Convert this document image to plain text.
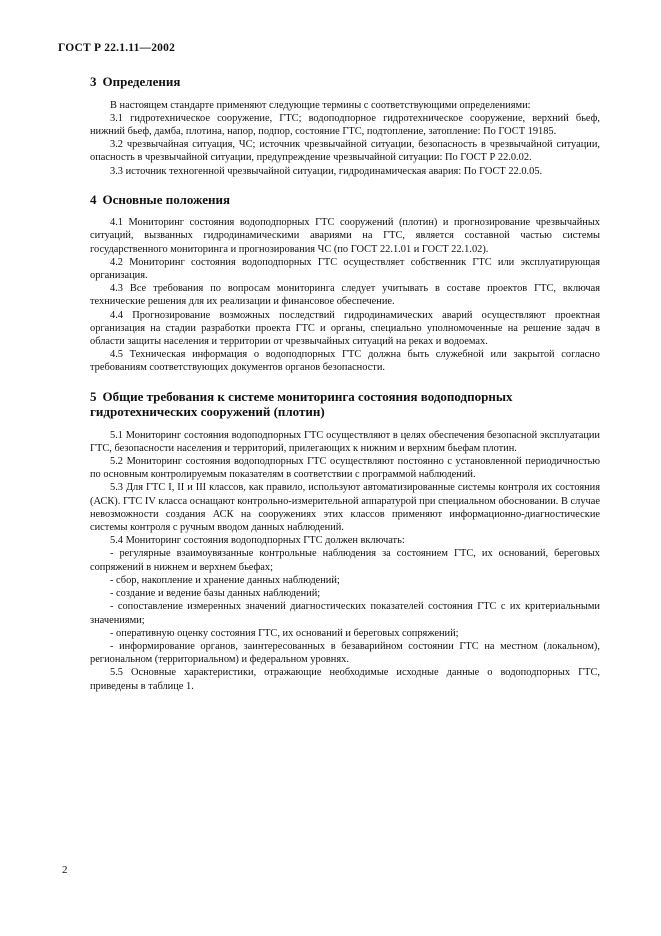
ГОСТ Р 22.1.11—2002
3 Определения

В настоящем стандарте применяют следующие термины с соответствующими определениями:

3.1 гидротехническое сооружение, ГТС; водоподпорное гидротехническое сооружение, верхний бьеф, нижний бьеф, дамба, плотина, напор, подпор, состояние ГТС, подтопление, затопление: По ГОСТ 19185.

3.2 чрезвычайная ситуация, ЧС; источник чрезвычайной ситуации, безопасность в чрезвычайной ситуации, опасность в чрезвычайной ситуации, предупреждение чрезвычайной ситуации: По ГОСТ Р 22.0.02.

3.3 источник техногенной чрезвычайной ситуации, гидродинамическая авария: По ГОСТ 22.0.05.

4 Основные положения

4.1 Мониторинг состояния водоподпорных ГТС сооружений (плотин) и прогнозирование чрезвычайных ситуаций, вызванных гидродинамическими авариями на ГТС, является составной частью системы государственного мониторинга и прогнозирования ЧС (по ГОСТ 22.1.01 и ГОСТ 22.1.02).

4.2 Мониторинг состояния водоподпорных ГТС осуществляет собственник ГТС или эксплуатирующая организация.

4.3 Все требования по вопросам мониторинга следует учитывать в составе проектов ГТС, включая технические решения для их реализации и финансовое обеспечение.

4.4 Прогнозирование возможных последствий гидродинамических аварий осуществляют проектная организация на стадии разработки проекта ГТС и органы, специально уполномоченные на решение задач в области защиты населения и территории от чрезвычайных ситуаций на реках и водоемах.

4.5 Техническая информация о водоподпорных ГТС должна быть служебной или закрытой согласно требованиям соответствующих документов органов безопасности.

5 Общие требования к системе мониторинга состояния водоподпорных гидротехнических сооружений (плотин)

5.1 Мониторинг состояния водоподпорных ГТС осуществляют в целях обеспечения безопасной эксплуатации ГТС, безопасности населения и территорий, прилегающих к нижним и верхним бьефам плотин.

5.2 Мониторинг состояния водоподпорных ГТС осуществляют постоянно с установленной периодичностью по основным контролируемым показателям в соответствии с программой наблюдений.

5.3 Для ГТС I, II и III классов, как правило, используют автоматизированные системы контроля их состояния (АСК). ГТС IV класса оснащают контрольно-измерительной аппаратурой при специальном обосновании. В случае невозможности создания АСК на сооружениях этих классов применяют информационно-диагностические системы контроля с ручным вводом данных наблюдений.

5.4 Мониторинг состояния водоподпорных ГТС должен включать:

- регулярные взаимоувязанные контрольные наблюдения за состоянием ГТС, их оснований, береговых сопряжений в нижнем и верхнем бьефах;
- сбор, накопление и хранение данных наблюдений;
- создание и ведение базы данных наблюдений;
- сопоставление измеренных значений диагностических показателей состояния ГТС с их критериальными значениями;
- оперативную оценку состояния ГТС, их оснований и береговых сопряжений;
- информирование органов, заинтересованных в безаварийном состоянии ГТС на местном (локальном), региональном (территориальном) и федеральном уровнях.

5.5 Основные характеристики, отражающие необходимые исходные данные о водоподпорных ГТС, приведены в таблице 1.

2
